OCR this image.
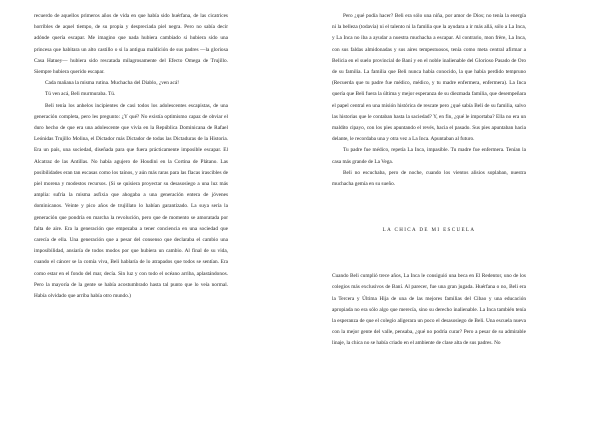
recuerdo de aquellos primeros años de vida en que había sido huérfana, de las cicatrices horribles de aquel tiempo, de su propia y despreciada piel negra. Pero no sabía decir adónde quería escapar. Me imagino que nada hubiera cambiado si hubiera sido una princesa que habitara un alto castillo o si la antigua maldición de sus padres —la gloriosa Casa Hatuey— hubiera sido rescatada milagrosamente del Efecto Omega de Trujillo. Siempre hubiera querido escapar.

Cada mañana la misma rutina. Muchacha del Diablo, ¿ven acá!

Tú ven acá, Beli murmuraba. Tú.

Beli tenía los anhelos incipientes de casi todos los adolescentes escapistas, de una generación completa, pero les pregunto: ¿Y qué? No existía optimismo capaz de obviar el duro hecho de que era una adolescente que vivía en la República Dominicana de Rafael Leónidas Trujillo Molina, el Dictador más Dictador de todas las Dictaduras de la Historia. Era un país, una sociedad, diseñada para que fuera prácticamente imposible escapar. El Alcatraz de las Antillas. No había agujero de Houdini en la Cortina de Plátano. Las posibilidades eran tan escasas como los taínos, y aún más raras para las flacas irascibles de piel morena y modestos recursos. (Si se quisiera proyectar su desasosiego a una luz más amplia: sufría la misma asfixia que ahogaba a una generación entera de jóvenes dominicanos. Veinte y pico años de trujillato lo habían garantizado. La suya sería la generación que pondría en marcha la revolución, pero que de momento se amoratada por falta de aire. Era la generación que empezaba a tener conciencia en una sociedad que carecía de ella. Una generación que a pesar del consenso que declaraba el cambio una imposibilidad, ansiaría de todos modos por que hubiera un cambio. Al final de su vida, cuando el cáncer se la comía viva, Beli hablaría de lo atrapados que todos se sentían. Era como estar en el fondo del mar, decía. Sin luz y con todo el océano arriba, aplastándonos. Pero la mayoría de la gente se había acostumbrado hasta tal punto que lo veía normal. Había olvidado que arriba había otro mundo.)

Pero ¿qué podía hacer? Beli era sólo una niña, por amor de Dios; no tenía la energía ni la belleza (todavía) ni el talento ni la familia que la ayudara a ir más allá, sólo a La Inca, y La Inca no iba a ayudar a nuestra muchacha a escapar. Al contrario, mon frère, La Inca, con sus faldas almidonadas y sus aires tempestuosos, tenía como meta central afirmar a Belicia en el suelo provincial de Baní y en el noble inalienable del Glorioso Pasado de Oro de su familia. La familia que Beli nunca había conocido, la que había perdido tempruno (Recuerda que tu padre fue médico, médico, y tu madre enfermera, enfermera). La Inca quería que Beli fuera la última y mejor esperanza de su diezmada familia, que desempeñara el papel central en una misión histórica de rescate pero ¿qué sabía Beli de su familia, salvo las historias que le contaban hasta la saciedad? Y, en fin, ¿qué le importaba? Ella no era un maldito cipayo, con los pies apuntando el revés, hacia el pasado. Sus pies apuntaban hacia delante, le recordaba una y otra vez a La Inca. Apuntaban al futuro.

Tu padre fue médico, repetía La Inca, impasible. Tu madre fue enfermera. Tenían la casa más grande de La Vega.

Beli no escuchaba, pero de noche, cuando los vientos alisios soplaban, nuestra muchacha gemía en su sueño.

LA CHICA DE MI ESCUELA

Cuando Beli cumplió trece años, La Inca le consiguió una beca en El Redentor, uno de los colegios más exclusivos de Baní. Al parecer, fue una gran jugada. Huérfana o no, Beli era la Tercera y Última Hija de una de las mejores familias del Cibao y una educación apropiada no era sólo algo que merecía, sino su derecho inalienable. La Inca también tenía la esperanza de que el colegio aligerara un poco el desasosiego de Beli. Una escuela nueva con la mejor gente del valle, pensaba, ¿qué no podría curar? Pero a pesar de su admirable linaje, la chica no se había criado en el ambiente de clase alta de sus padres. No
